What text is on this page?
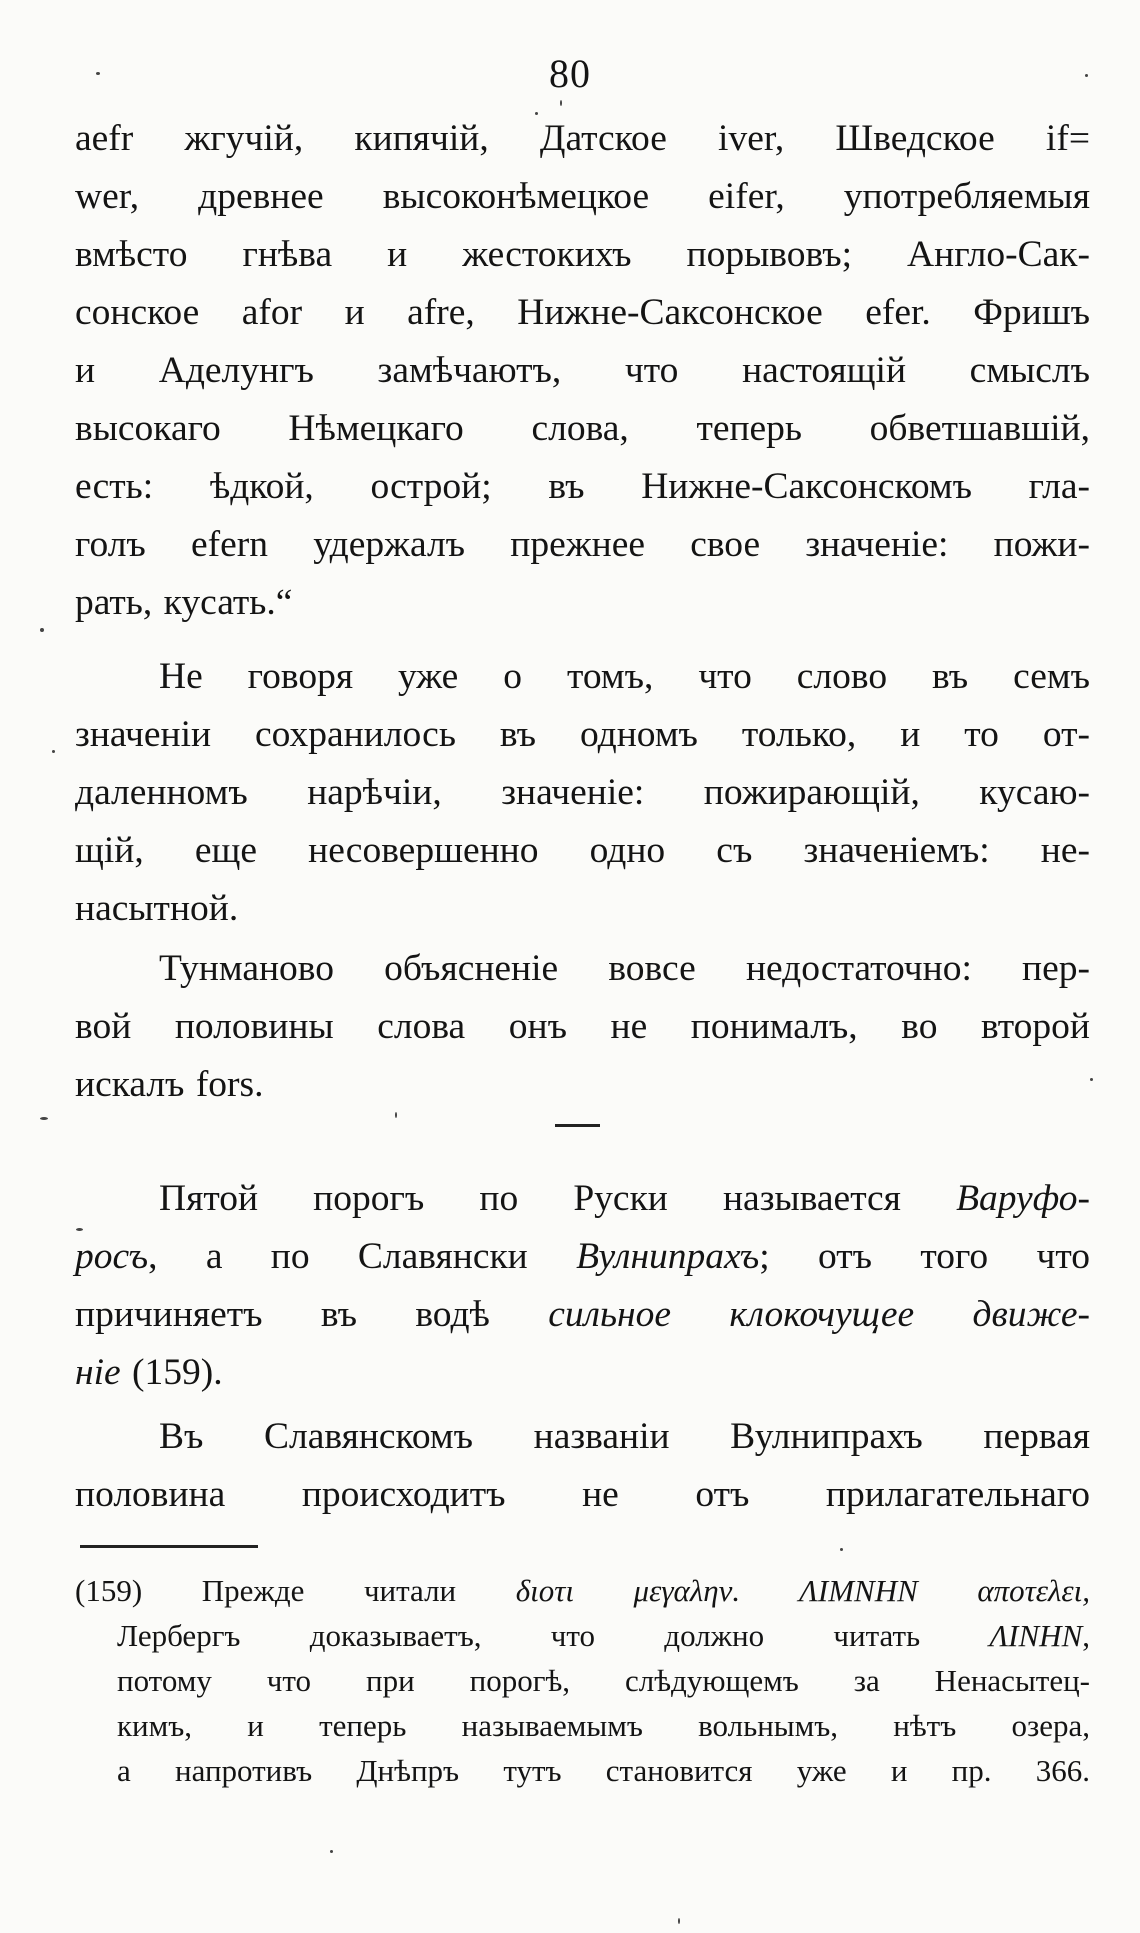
80

aefr жгучій, кипячій, Датское iver, Шведское if=

wer, древнее высоконѣмецкое eifer, употребляемыя

вмѣсто гнѣва и жестокихъ порывовъ; Англо-Сак-

сонское afor и afre, Нижне-Саксонское efer. Фришъ

и Аделунгъ замѣчаютъ, что настоящій смыслъ

высокаго Нѣмецкаго слова, теперь обветшавшій,

есть: ѣдкой, острой; въ Нижне-Саксонскомъ гла-

голъ efern удержалъ прежнее свое значеніе: пожи-

рать, кусать.“

Не говоря уже о томъ, что слово въ семъ

значеніи сохранилось въ одномъ только, и то от-

даленномъ нарѣчіи, значеніе: пожирающій, кусаю-

щій, еще несовершенно одно съ значеніемъ: не-

насытной.

Тунманово объясненіе вовсе недостаточно: пер-

вой половины слова онъ не понималъ, во второй

искалъ fors.

Пятой порогъ по Руски называется Варуфо-

росъ, а по Славянски Вулнипрахъ; отъ того что

причиняетъ въ водѣ сильное клокочущее движе-

ніе (159).

Въ Славянскомъ названіи Вулнипрахъ первая

половина происходитъ не отъ прилагательнаго

(159) Прежде читали διοτι μεγαλην. ΛΙΜΝΗΝ αποτελει,

Лербергъ доказываетъ, что должно читать ΛΙΝΗΝ,

потому что при порогѣ, слѣдующемъ за Ненасытец-

кимъ, и теперь называемымъ вольнымъ, нѣтъ озера,

а напротивъ Днѣпръ тутъ становится уже и пр. 366.
